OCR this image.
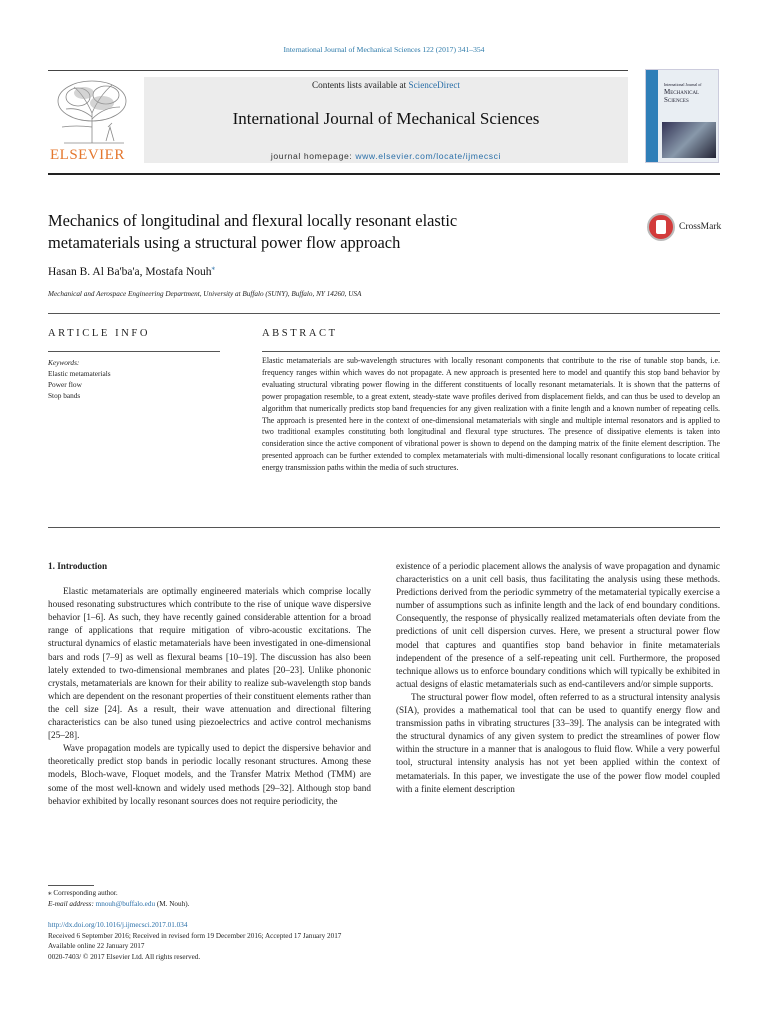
International Journal of Mechanical Sciences 122 (2017) 341–354
ELSEVIER
Contents lists available at ScienceDirect
International Journal of Mechanical Sciences
journal homepage: www.elsevier.com/locate/ijmecsci
International Journal of
Mechanical
Sciences
Mechanics of longitudinal and flexural locally resonant elastic
metamaterials using a structural power flow approach
CrossMark
Hasan B. Al Ba'ba'a, Mostafa Nouh⁎
Mechanical and Aerospace Engineering Department, University at Buffalo (SUNY), Buffalo, NY 14260, USA
ARTICLE INFO
Keywords:
Elastic metamaterials
Power flow
Stop bands
ABSTRACT
Elastic metamaterials are sub-wavelength structures with locally resonant components that contribute to the rise of tunable stop bands, i.e. frequency ranges within which waves do not propagate. A new approach is presented here to model and quantify this stop band behavior by evaluating structural vibrating power flowing in the different constituents of locally resonant metamaterials. It is shown that the patterns of power propagation resemble, to a great extent, steady-state wave profiles derived from displacement fields, and can thus be used to develop an algorithm that numerically predicts stop band frequencies for any given realization with a finite length and a known number of repeating cells. The approach is presented here in the context of one-dimensional metamaterials with single and multiple internal resonators and is applied to two traditional examples constituting both longitudinal and flexural type structures. The presence of dissipative elements is taken into consideration since the active component of vibrational power is shown to depend on the damping matrix of the finite element description. The presented approach can be further extended to complex metamaterials with multi-dimensional locally resonant configurations to locate critical energy transmission paths within the media of such structures.

1. Introduction

Elastic metamaterials are optimally engineered materials which comprise locally housed resonating substructures which contribute to the rise of unique wave dispersive behavior [1–6]. As such, they have recently gained considerable attention for a broad range of applications that require mitigation of vibro-acoustic excitations. The structural dynamics of elastic metamaterials have been investigated in one-dimensional bars and rods [7–9] as well as flexural beams [10–19]. The discussion has also been lately extended to two-dimensional membranes and plates [20–23]. Unlike phononic crystals, metamaterials are known for their ability to realize sub-wavelength stop bands which are dependent on the resonant properties of their constituent elements rather than the cell size [24]. As a result, their wave attenuation and directional filtering characteristics can be also tuned using piezoelectrics and active control mechanisms [25–28].

Wave propagation models are typically used to depict the dispersive behavior and theoretically predict stop bands in periodic locally resonant structures. Among these models, Bloch-wave, Floquet models, and the Transfer Matrix Method (TMM) are some of the most well-known and widely used methods [29–32]. Although stop band behavior exhibited by locally resonant sources does not require periodicity, the

existence of a periodic placement allows the analysis of wave propagation and dynamic characteristics on a unit cell basis, thus facilitating the analysis using these methods. Predictions derived from the periodic symmetry of the metamaterial typically exercise a number of assumptions such as infinite length and the lack of end boundary conditions. Consequently, the response of physically realized metamaterials often deviate from the predictions of unit cell dispersion curves. Here, we present a structural power flow model that captures and quantifies stop band behavior in finite metamaterials independent of the presence of a self-repeating unit cell. Furthermore, the proposed technique allows us to enforce boundary conditions which will typically be exhibited in actual designs of elastic metamaterials such as end-cantilevers and/or simple supports.

The structural power flow model, often referred to as a structural intensity analysis (SIA), provides a mathematical tool that can be used to quantify energy flow and transmission paths in vibrating structures [33–39]. The analysis can be integrated with the structural dynamics of any given system to predict the streamlines of power flow within the structure in a manner that is analogous to fluid flow. While a very powerful tool, structural intensity analysis has not yet been applied within the context of metamaterials. In this paper, we investigate the use of the power flow model coupled with a finite element description

⁎ Corresponding author.
E-mail address: mnouh@buffalo.edu (M. Nouh).
http://dx.doi.org/10.1016/j.ijmecsci.2017.01.034
Received 6 September 2016; Received in revised form 19 December 2016; Accepted 17 January 2017
Available online 22 January 2017
0020-7403/ © 2017 Elsevier Ltd. All rights reserved.
